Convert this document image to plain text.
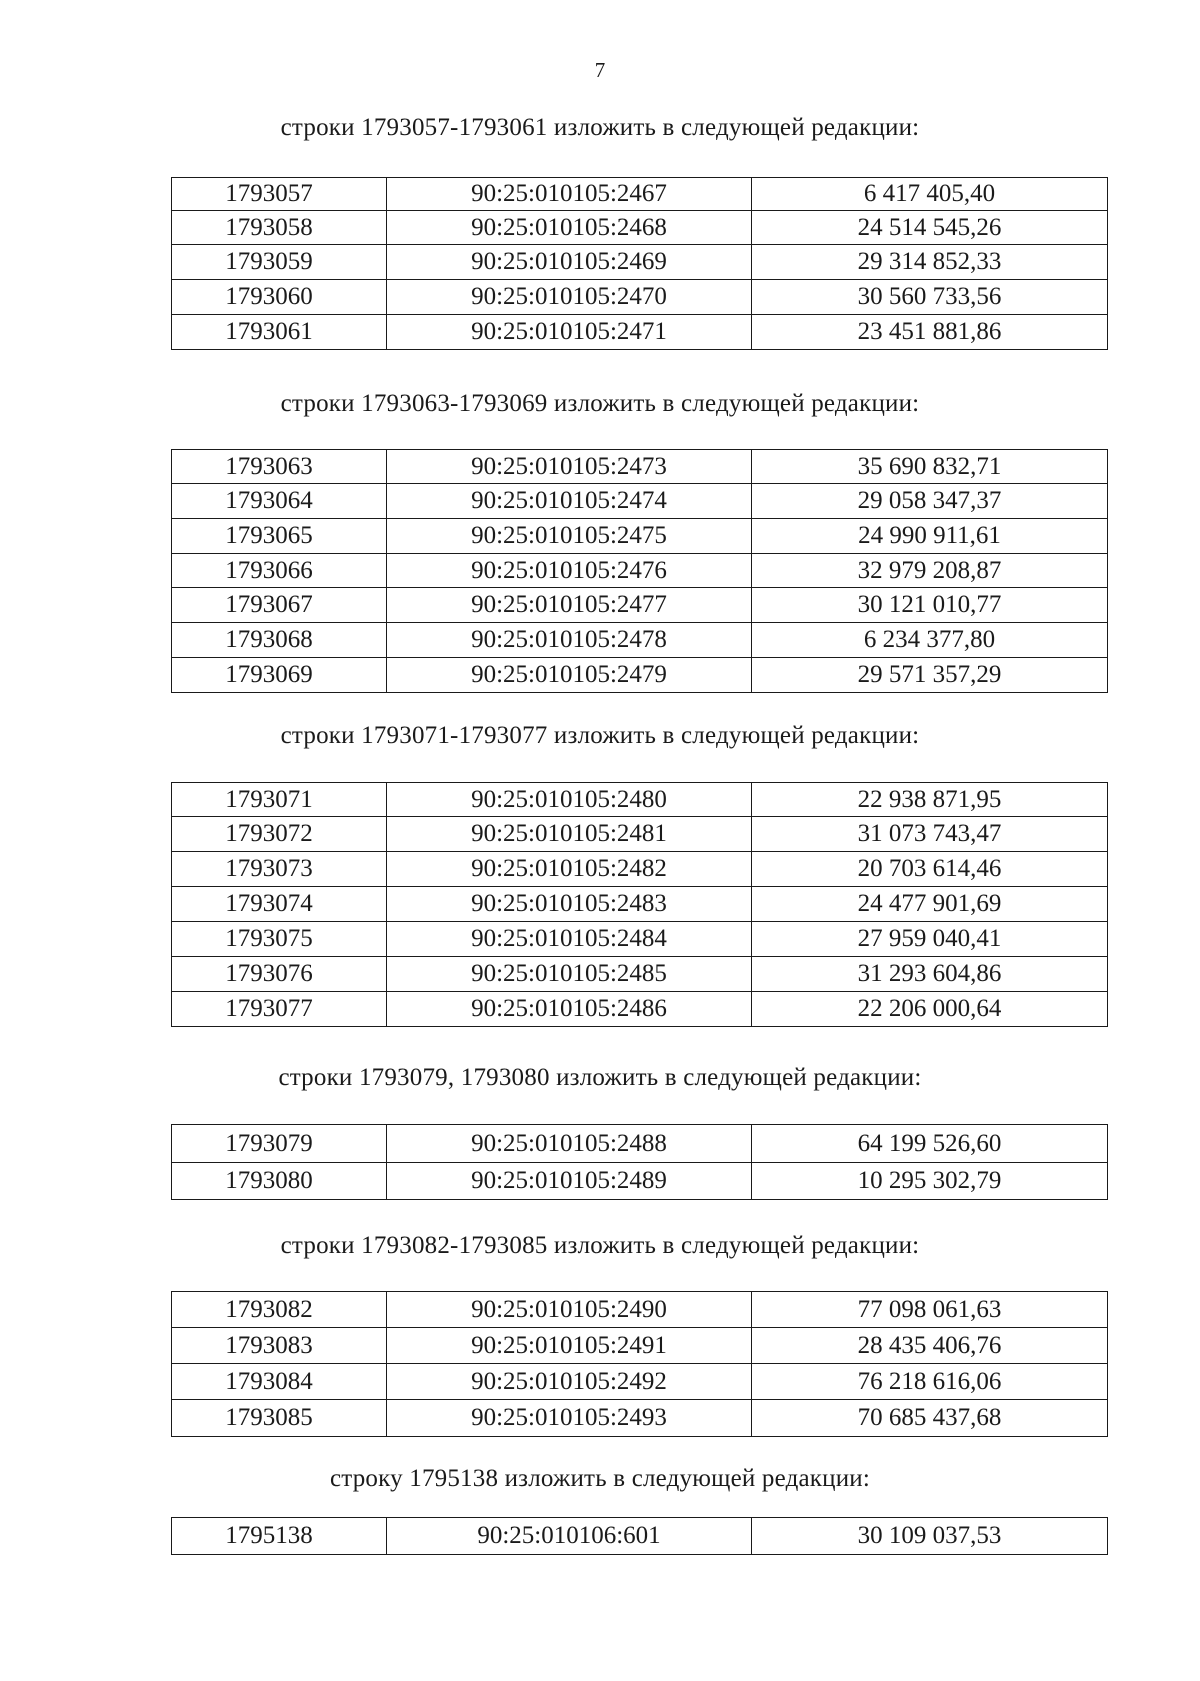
7
строки 1793057-1793061 изложить в следующей редакции:
1793057	90:25:010105:2467	6 417 405,40
1793058	90:25:010105:2468	24 514 545,26
1793059	90:25:010105:2469	29 314 852,33
1793060	90:25:010105:2470	30 560 733,56
1793061	90:25:010105:2471	23 451 881,86
строки 1793063-1793069 изложить в следующей редакции:
1793063	90:25:010105:2473	35 690 832,71
1793064	90:25:010105:2474	29 058 347,37
1793065	90:25:010105:2475	24 990 911,61
1793066	90:25:010105:2476	32 979 208,87
1793067	90:25:010105:2477	30 121 010,77
1793068	90:25:010105:2478	6 234 377,80
1793069	90:25:010105:2479	29 571 357,29
строки 1793071-1793077 изложить в следующей редакции:
1793071	90:25:010105:2480	22 938 871,95
1793072	90:25:010105:2481	31 073 743,47
1793073	90:25:010105:2482	20 703 614,46
1793074	90:25:010105:2483	24 477 901,69
1793075	90:25:010105:2484	27 959 040,41
1793076	90:25:010105:2485	31 293 604,86
1793077	90:25:010105:2486	22 206 000,64
строки 1793079, 1793080 изложить в следующей редакции:
1793079	90:25:010105:2488	64 199 526,60
1793080	90:25:010105:2489	10 295 302,79
строки 1793082-1793085 изложить в следующей редакции:
1793082	90:25:010105:2490	77 098 061,63
1793083	90:25:010105:2491	28 435 406,76
1793084	90:25:010105:2492	76 218 616,06
1793085	90:25:010105:2493	70 685 437,68
строку 1795138 изложить в следующей редакции:
1795138	90:25:010106:601	30 109 037,53
